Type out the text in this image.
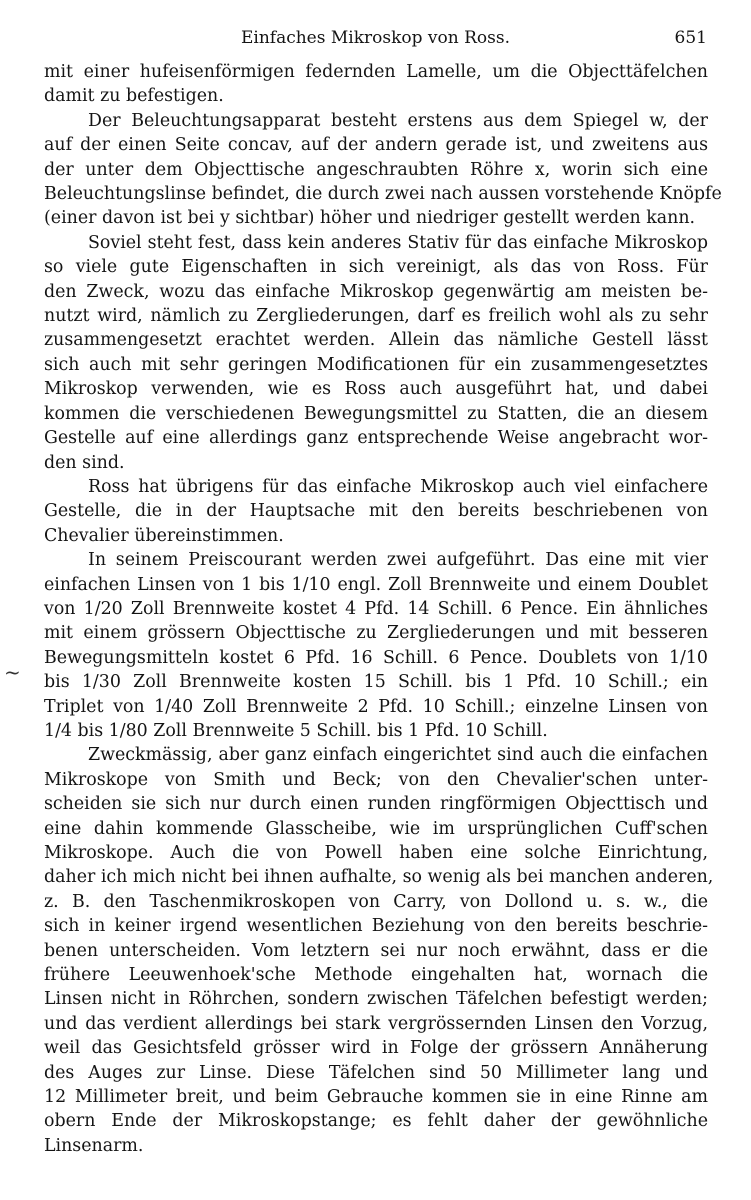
Einfaches Mikroskop von Ross.	651
~

mit einer hufeisenförmigen federnden Lamelle, um die Objecttäfelchen
damit zu befestigen.

Der Beleuchtungsapparat besteht erstens aus dem Spiegel w, der
auf der einen Seite concav, auf der andern gerade ist, und zweitens aus
der unter dem Objecttische angeschraubten Röhre x, worin sich eine
Beleuchtungslinse befindet, die durch zwei nach aussen vorstehende Knöpfe
(einer davon ist bei y sichtbar) höher und niedriger gestellt werden kann.

Soviel steht fest, dass kein anderes Stativ für das einfache Mikroskop
so viele gute Eigenschaften in sich vereinigt, als das von Ross. Für
den Zweck, wozu das einfache Mikroskop gegenwärtig am meisten be-
nutzt wird, nämlich zu Zergliederungen, darf es freilich wohl als zu sehr
zusammengesetzt erachtet werden. Allein das nämliche Gestell lässt
sich auch mit sehr geringen Modificationen für ein zusammengesetztes
Mikroskop verwenden, wie es Ross auch ausgeführt hat, und dabei
kommen die verschiedenen Bewegungsmittel zu Statten, die an diesem
Gestelle auf eine allerdings ganz entsprechende Weise angebracht wor-
den sind.

Ross hat übrigens für das einfache Mikroskop auch viel einfachere
Gestelle, die in der Hauptsache mit den bereits beschriebenen von
Chevalier übereinstimmen.

In seinem Preiscourant werden zwei aufgeführt. Das eine mit vier
einfachen Linsen von 1 bis 1/10 engl. Zoll Brennweite und einem Doublet
von 1/20 Zoll Brennweite kostet 4 Pfd. 14 Schill. 6 Pence. Ein ähnliches
mit einem grössern Objecttische zu Zergliederungen und mit besseren
Bewegungsmitteln kostet 6 Pfd. 16 Schill. 6 Pence. Doublets von 1/10
bis 1/30 Zoll Brennweite kosten 15 Schill. bis 1 Pfd. 10 Schill.; ein
Triplet von 1/40 Zoll Brennweite 2 Pfd. 10 Schill.; einzelne Linsen von
1/4 bis 1/80 Zoll Brennweite 5 Schill. bis 1 Pfd. 10 Schill.

Zweckmässig, aber ganz einfach eingerichtet sind auch die einfachen
Mikroskope von Smith und Beck; von den Chevalier'schen unter-
scheiden sie sich nur durch einen runden ringförmigen Objecttisch und
eine dahin kommende Glasscheibe, wie im ursprünglichen Cuff'schen
Mikroskope. Auch die von Powell haben eine solche Einrichtung,
daher ich mich nicht bei ihnen aufhalte, so wenig als bei manchen anderen,
z. B. den Taschenmikroskopen von Carry, von Dollond u. s. w., die
sich in keiner irgend wesentlichen Beziehung von den bereits beschrie-
benen unterscheiden. Vom letztern sei nur noch erwähnt, dass er die
frühere Leeuwenhoek'sche Methode eingehalten hat, wornach die
Linsen nicht in Röhrchen, sondern zwischen Täfelchen befestigt werden;
und das verdient allerdings bei stark vergrössernden Linsen den Vorzug,
weil das Gesichtsfeld grösser wird in Folge der grössern Annäherung
des Auges zur Linse. Diese Täfelchen sind 50 Millimeter lang und
12 Millimeter breit, und beim Gebrauche kommen sie in eine Rinne am
obern Ende der Mikroskopstange; es fehlt daher der gewöhnliche
Linsenarm.
